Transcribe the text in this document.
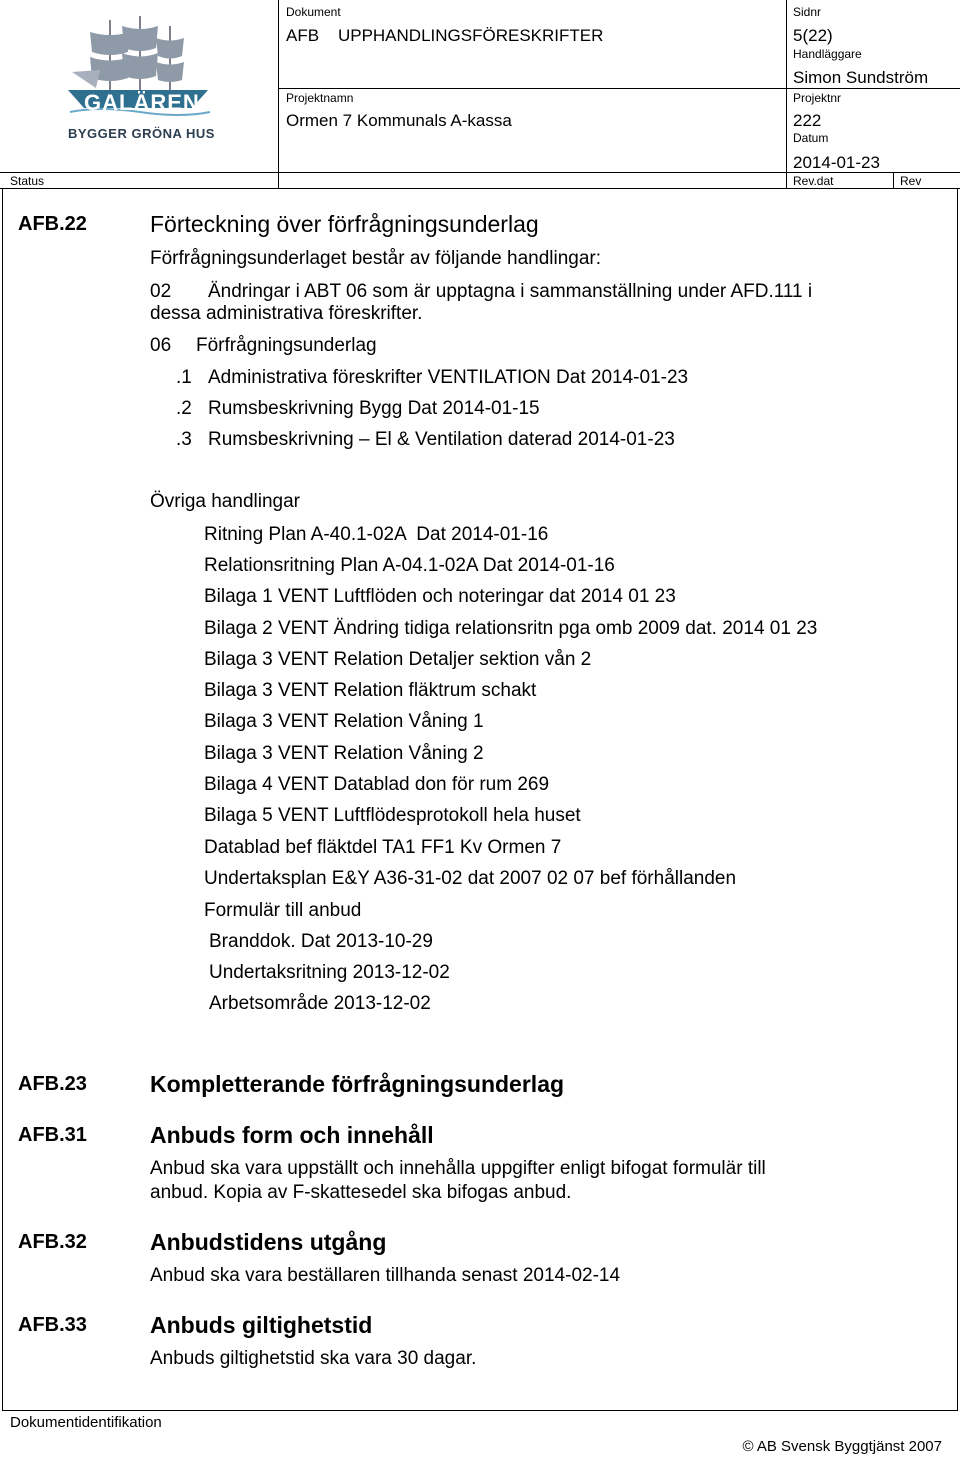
GALÄREN
BYGGER GRÖNA HUS
Dokument
AFB    UPPHANDLINGSFÖRESKRIFTER
Sidnr
5(22)
Handläggare
Simon Sundström
Projektnamn
Ormen 7 Kommunals A-kassa
Projektnr
222
Datum
2014-01-23
Status	Rev.dat	Rev
AFB.22	Förteckning över förfrågningsunderlag
Förfrågningsunderlaget består av följande handlingar:
02 Ändringar i ABT 06 som är upptagna i sammanställning under AFD.111 i
dessa administrativa föreskrifter.
06 Förfrågningsunderlag
.1 Administrativa föreskrifter VENTILATION Dat 2014-01-23
.2 Rumsbeskrivning Bygg Dat 2014-01-15
.3 Rumsbeskrivning – El & Ventilation daterad 2014-01-23
Övriga handlingar
Ritning Plan A-40.1-02A  Dat 2014-01-16
Relationsritning Plan A-04.1-02A Dat 2014-01-16
Bilaga 1 VENT Luftflöden och noteringar dat 2014 01 23
Bilaga 2 VENT Ändring tidiga relationsritn pga omb 2009 dat. 2014 01 23
Bilaga 3 VENT Relation Detaljer sektion vån 2
Bilaga 3 VENT Relation fläktrum schakt
Bilaga 3 VENT Relation Våning 1
Bilaga 3 VENT Relation Våning 2
Bilaga 4 VENT Datablad don för rum 269
Bilaga 5 VENT Luftflödesprotokoll hela huset
Datablad bef fläktdel TA1 FF1 Kv Ormen 7
Undertaksplan E&Y A36-31-02 dat 2007 02 07 bef förhållanden
Formulär till anbud
Branddok. Dat 2013-10-29
Undertaksritning 2013-12-02
Arbetsområde 2013-12-02
AFB.23	Kompletterande förfrågningsunderlag
AFB.31	Anbuds form och innehåll
Anbud ska vara uppställt och innehålla uppgifter enligt bifogat formulär till
anbud. Kopia av F-skattesedel ska bifogas anbud.
AFB.32	Anbudstidens utgång
Anbud ska vara beställaren tillhanda senast 2014-02-14
AFB.33	Anbuds giltighetstid
Anbuds giltighetstid ska vara 30 dagar.
Dokumentidentifikation
© AB Svensk Byggtjänst 2007
